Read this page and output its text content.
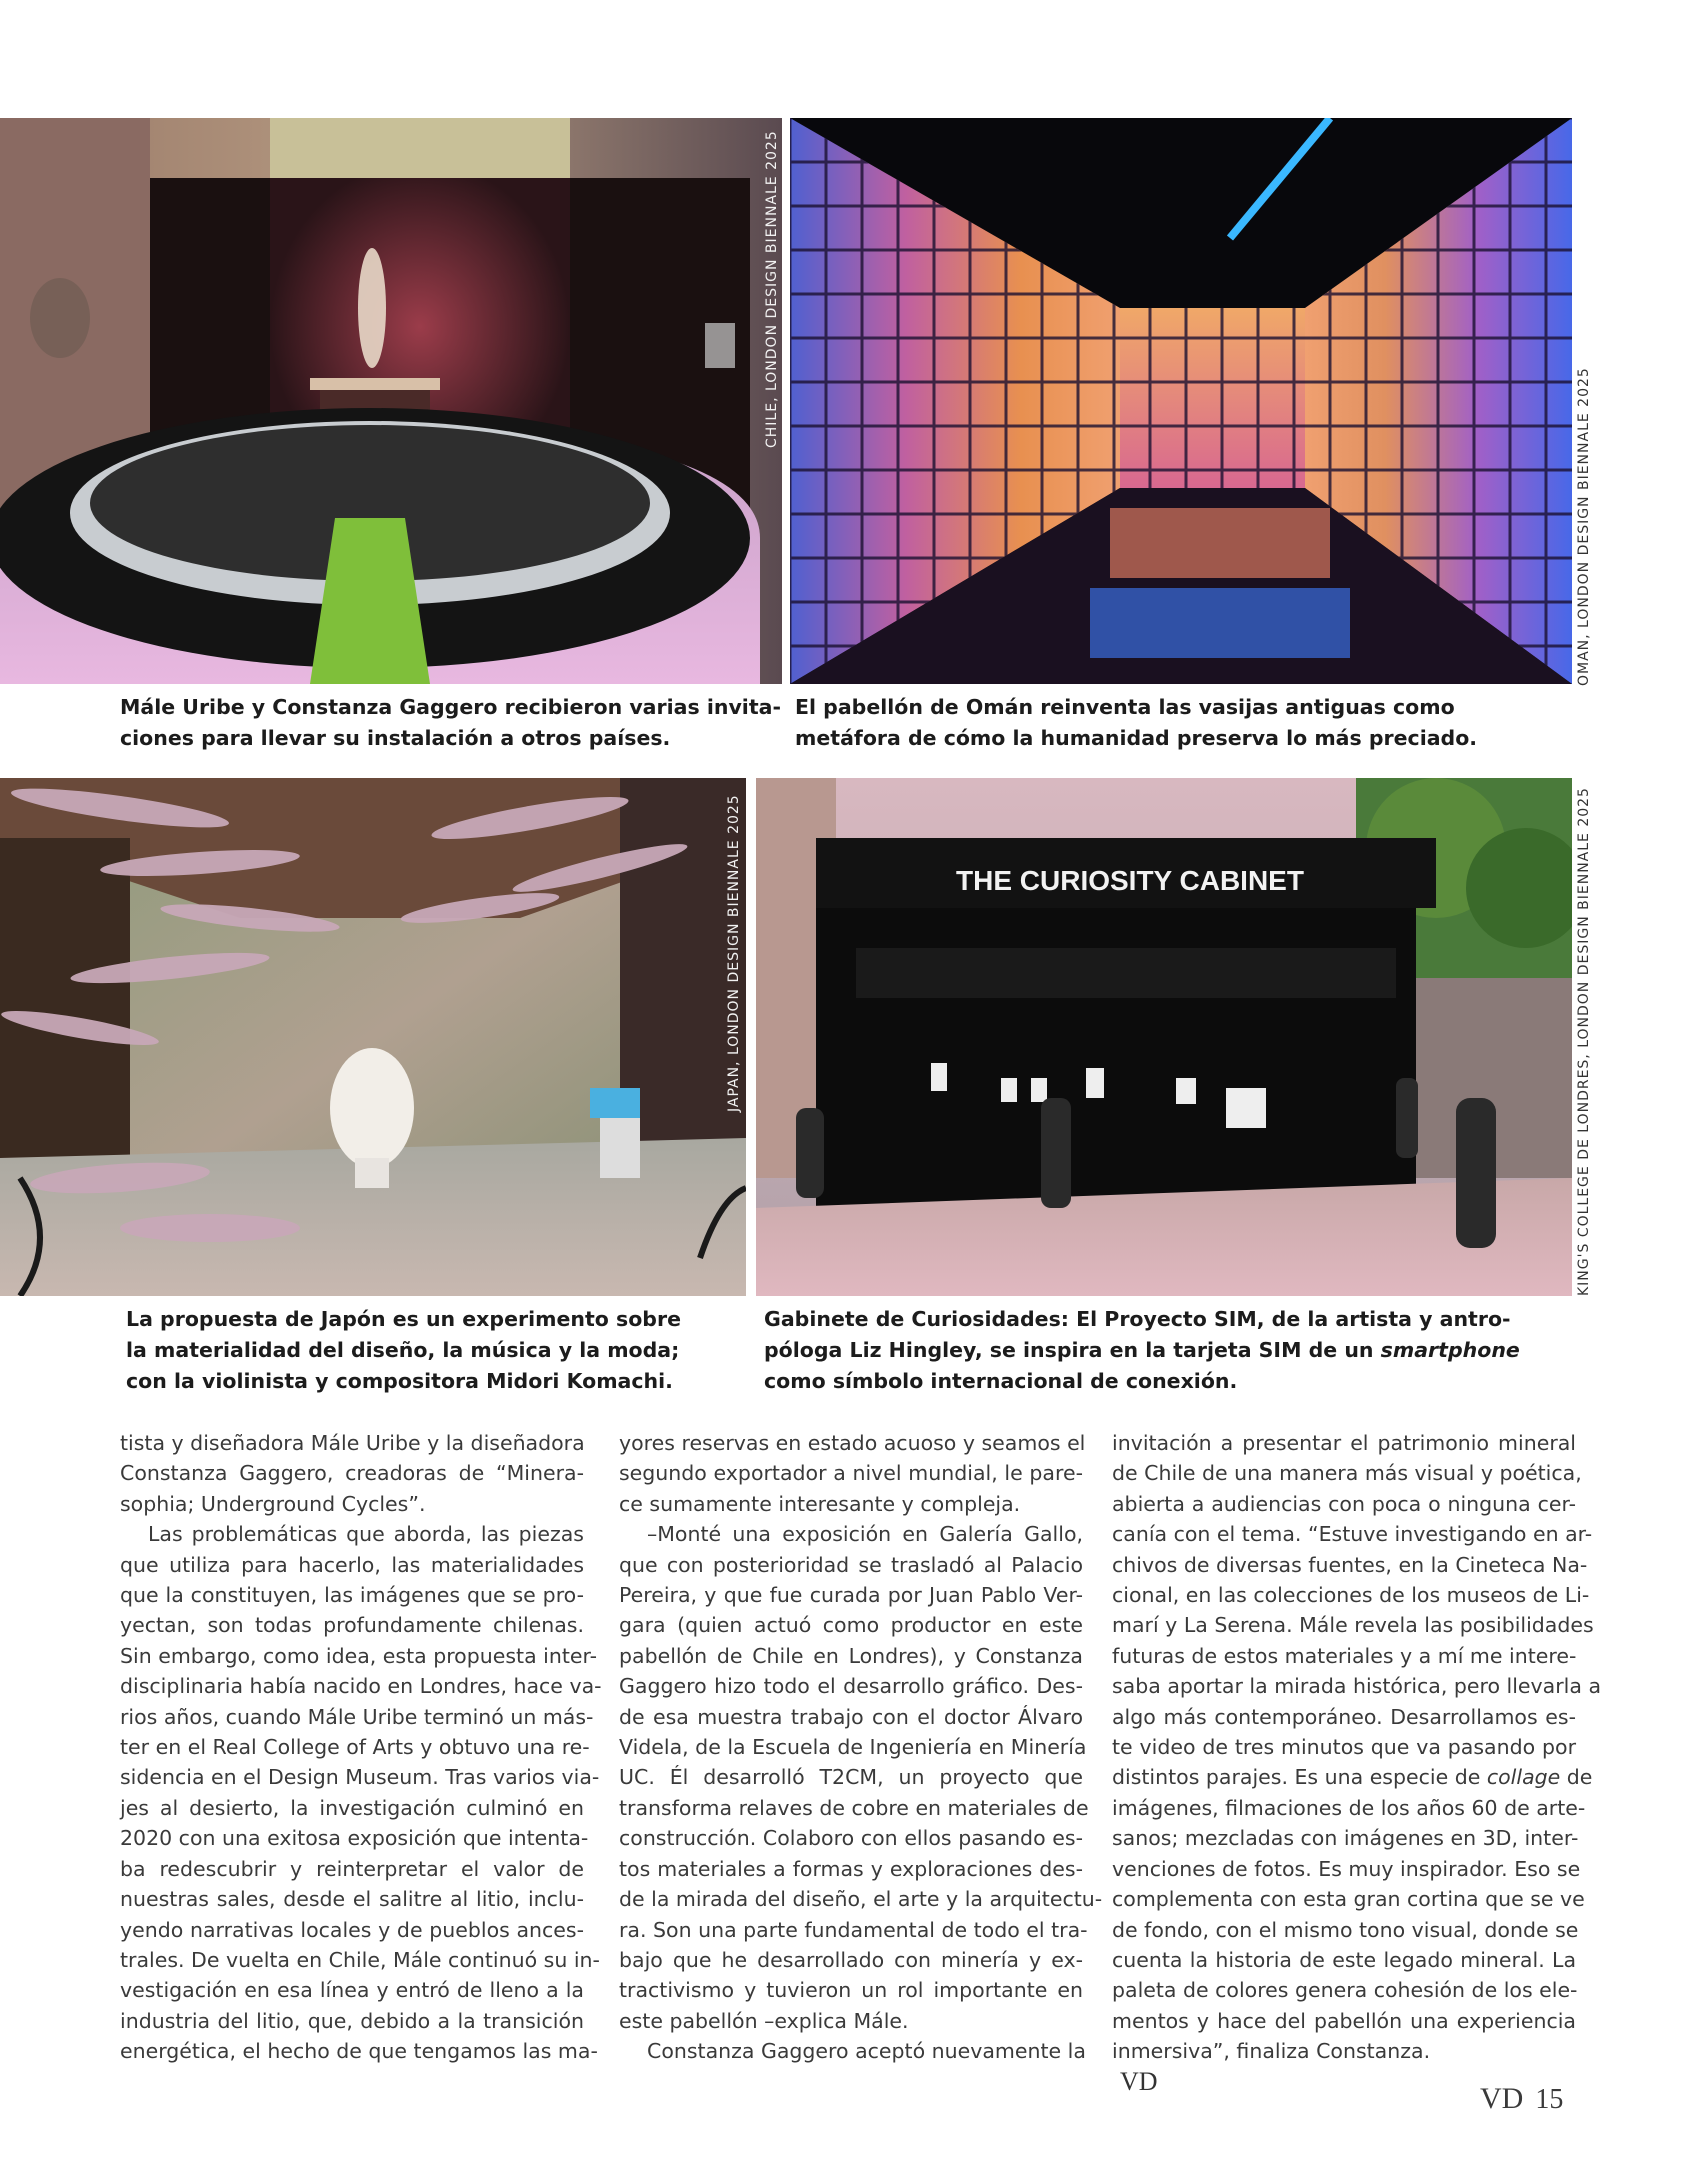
CHILE, LONDON DESIGN BIENNALE 2025
OMAN, LONDON DESIGN BIENNALE 2025
Mále Uribe y Constanza Gaggero recibieron varias invita-
ciones para llevar su instalación a otros países.
El pabellón de Omán reinventa las vasijas antiguas como
metáfora de cómo la humanidad preserva lo más preciado.
JAPAN, LONDON DESIGN BIENNALE 2025	THE CURIOSITY CABINET	KING'S COLLEGE DE LONDRES, LONDON DESIGN BIENNALE 2025
La propuesta de Japón es un experimento sobre
la materialidad del diseño, la música y la moda;
con la violinista y compositora Midori Komachi.
Gabinete de Curiosidades: El Proyecto SIM, de la artista y antro-
póloga Liz Hingley, se inspira en la tarjeta SIM de un smartphone
como símbolo internacional de conexión.

tista y diseñadora Mále Uribe y la diseñadora
Constanza Gaggero, creadoras de “Minera-
sophia; Underground Cycles”.

Las problemáticas que aborda, las piezas
que utiliza para hacerlo, las materialidades
que la constituyen, las imágenes que se pro-
yectan, son todas profundamente chilenas.
Sin embargo, como idea, esta propuesta inter-
disciplinaria había nacido en Londres, hace va-
rios años, cuando Mále Uribe terminó un más-
ter en el Real College of Arts y obtuvo una re-
sidencia en el Design Museum. Tras varios via-
jes al desierto, la investigación culminó en
2020 con una exitosa exposición que intenta-
ba redescubrir y reinterpretar el valor de
nuestras sales, desde el salitre al litio, inclu-
yendo narrativas locales y de pueblos ances-
trales. De vuelta en Chile, Mále continuó su in-
vestigación en esa línea y entró de lleno a la
industria del litio, que, debido a la transición
energética, el hecho de que tengamos las ma-

yores reservas en estado acuoso y seamos el
segundo exportador a nivel mundial, le pare-
ce sumamente interesante y compleja.

–Monté una exposición en Galería Gallo,
que con posterioridad se trasladó al Palacio
Pereira, y que fue curada por Juan Pablo Ver-
gara (quien actuó como productor en este
pabellón de Chile en Londres), y Constanza
Gaggero hizo todo el desarrollo gráfico. Des-
de esa muestra trabajo con el doctor Álvaro
Videla, de la Escuela de Ingeniería en Minería
UC. Él desarrolló T2CM, un proyecto que
transforma relaves de cobre en materiales de
construcción. Colaboro con ellos pasando es-
tos materiales a formas y exploraciones des-
de la mirada del diseño, el arte y la arquitectu-
ra. Son una parte fundamental de todo el tra-
bajo que he desarrollado con minería y ex-
tractivismo y tuvieron un rol importante en
este pabellón –explica Mále.

Constanza Gaggero aceptó nuevamente la

invitación a presentar el patrimonio mineral
de Chile de una manera más visual y poética,
abierta a audiencias con poca o ninguna cer-
canía con el tema. “Estuve investigando en ar-
chivos de diversas fuentes, en la Cineteca Na-
cional, en las colecciones de los museos de Li-
marí y La Serena. Mále revela las posibilidades
futuras de estos materiales y a mí me intere-
saba aportar la mirada histórica, pero llevarla a
algo más contemporáneo. Desarrollamos es-
te video de tres minutos que va pasando por
distintos parajes. Es una especie de collage de
imágenes, filmaciones de los años 60 de arte-
sanos; mezcladas con imágenes en 3D, inter-
venciones de fotos. Es muy inspirador. Eso se
complementa con esta gran cortina que se ve
de fondo, con el mismo tono visual, donde se
cuenta la historia de este legado mineral. La
paleta de colores genera cohesión de los ele-
mentos y hace del pabellón una experiencia
inmersiva”, finaliza Constanza.
VD

VD 15
